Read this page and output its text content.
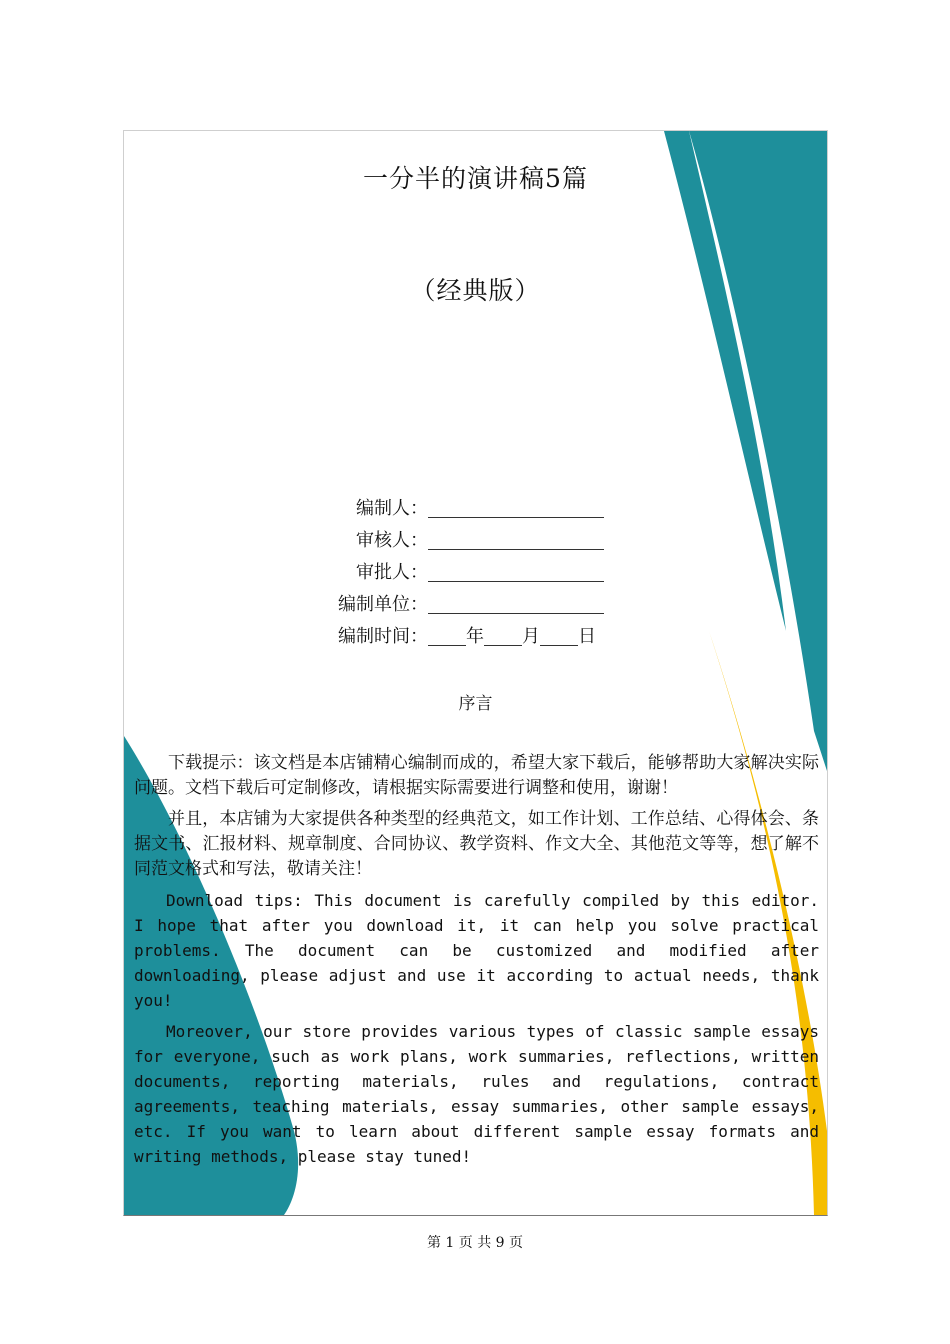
一分半的演讲稿5篇
（经典版）
编制人：
审核人：
审批人：
编制单位：
编制时间： 年 月 日
序言

下载提示：该文档是本店铺精心编制而成的，希望大家下载后，能够帮助大家解决实际问题。文档下载后可定制修改，请根据实际需要进行调整和使用，谢谢！

并且，本店铺为大家提供各种类型的经典范文，如工作计划、工作总结、心得体会、条据文书、汇报材料、规章制度、合同协议、教学资料、作文大全、其他范文等等，想了解不同范文格式和写法，敬请关注！

Download tips: This document is carefully compiled by this editor. I hope that after you download it, it can help you solve practical problems. The document can be customized and modified after downloading, please adjust and use it according to actual needs, thank you!

Moreover, our store provides various types of classic sample essays for everyone, such as work plans, work summaries, reflections, written documents, reporting materials, rules and regulations, contract agreements, teaching materials, essay summaries, other sample essays, etc. If you want to learn about different sample essay formats and writing methods, please stay tuned!

第 1 页 共 9 页
